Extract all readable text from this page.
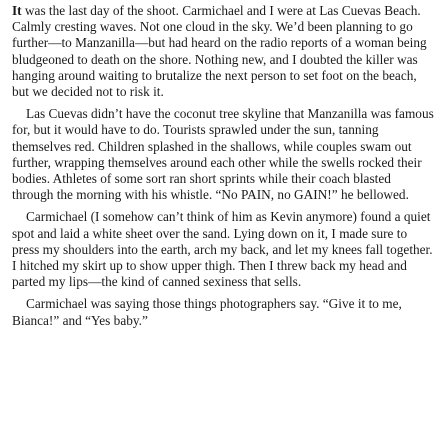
It was the last day of the shoot. Carmichael and I were at Las Cuevas Beach. Calmly cresting waves. Not one cloud in the sky. We’d been planning to go further—to Manzanilla—but had heard on the radio reports of a woman being bludgeoned to death on the shore. Nothing new, and I doubted the killer was hanging around waiting to brutalize the next person to set foot on the beach, but we decided not to risk it.

Las Cuevas didn’t have the coconut tree skyline that Manzanilla was famous for, but it would have to do. Tourists sprawled under the sun, tanning themselves red. Children splashed in the shallows, while couples swam out further, wrapping themselves around each other while the swells rocked their bodies. Athletes of some sort ran short sprints while their coach blasted through the morning with his whistle. “No PAIN, no GAIN!” he bellowed.

Carmichael (I somehow can’t think of him as Kevin anymore) found a quiet spot and laid a white sheet over the sand. Lying down on it, I made sure to press my shoulders into the earth, arch my back, and let my knees fall together. I hitched my skirt up to show upper thigh. Then I threw back my head and parted my lips—the kind of canned sexiness that sells.

Carmichael was saying those things photographers say. “Give it to me, Bianca!” and “Yes baby.”
